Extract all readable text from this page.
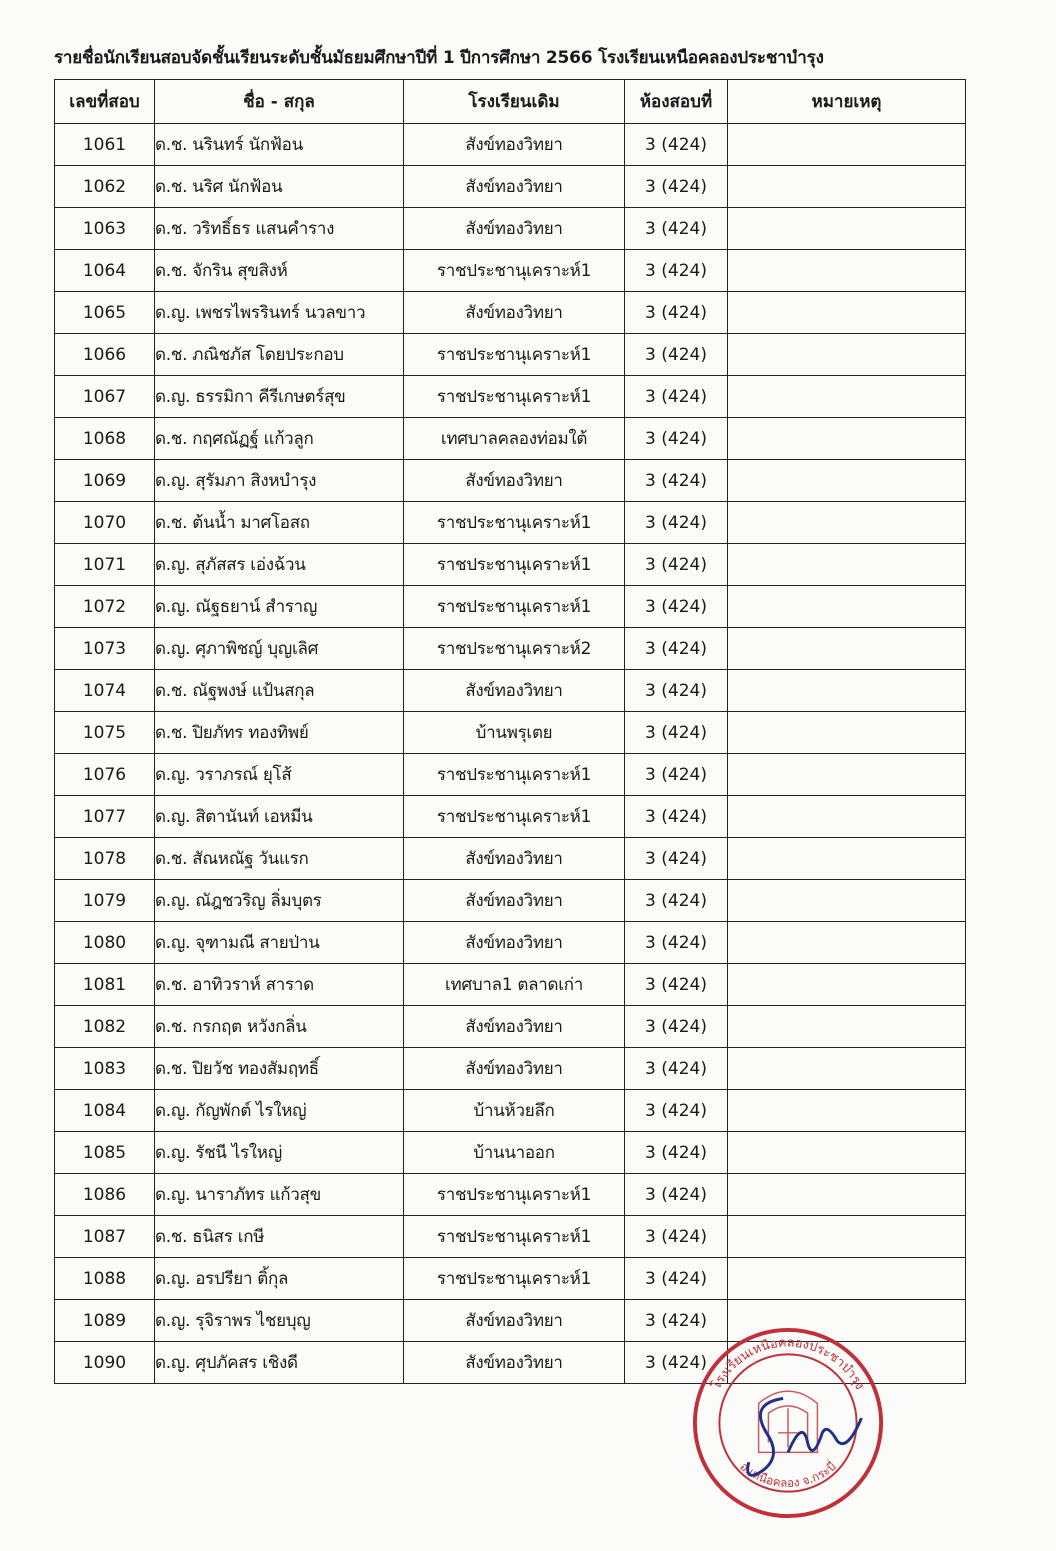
รายชื่อนักเรียนสอบจัดชั้นเรียนระดับชั้นมัธยมศึกษาปีที่ 1 ปีการศึกษา 2566 โรงเรียนเหนือคลองประชาบำรุง
เลขที่สอบ	ชื่อ - สกุล	โรงเรียนเดิม	ห้องสอบที่	หมายเหตุ
1061	ด.ช. นรินทร์ นักฟ้อน	สังข์ทองวิทยา	3 (424)	
1062	ด.ช. นริศ นักฟ้อน	สังข์ทองวิทยา	3 (424)	
1063	ด.ช. วริทธิ์ธร แสนคำราง	สังข์ทองวิทยา	3 (424)	
1064	ด.ช. จักริน สุขสิงห์	ราชประชานุเคราะห์1	3 (424)	
1065	ด.ญ. เพชรไพรรินทร์ นวลขาว	สังข์ทองวิทยา	3 (424)	
1066	ด.ช. ภณิชภัส โดยประกอบ	ราชประชานุเคราะห์1	3 (424)	
1067	ด.ญ. ธรรมิกา คีรีเกษตร์สุข	ราชประชานุเคราะห์1	3 (424)	
1068	ด.ช. กฤศณัฏฐ์ แก้วลูก	เทศบาลคลองท่อมใต้	3 (424)	
1069	ด.ญ. สุรัมภา สิงหบำรุง	สังข์ทองวิทยา	3 (424)	
1070	ด.ช. ต้นน้ำ มาศโอสถ	ราชประชานุเคราะห์1	3 (424)	
1071	ด.ญ. สุภัสสร เอ่งฉ้วน	ราชประชานุเคราะห์1	3 (424)	
1072	ด.ญ. ณัฐธยาน์ สำราญ	ราชประชานุเคราะห์1	3 (424)	
1073	ด.ญ. ศุภาพิชญ์ บุญเลิศ	ราชประชานุเคราะห์2	3 (424)	
1074	ด.ช. ณัฐพงษ์ แป้นสกุล	สังข์ทองวิทยา	3 (424)	
1075	ด.ช. ปิยภัทร ทองทิพย์	บ้านพรุเตย	3 (424)	
1076	ด.ญ. วราภรณ์ ยุโส้	ราชประชานุเคราะห์1	3 (424)	
1077	ด.ญ. สิตานันท์ เอหมีน	ราชประชานุเคราะห์1	3 (424)	
1078	ด.ช. สัณหณัฐ วันแรก	สังข์ทองวิทยา	3 (424)	
1079	ด.ญ. ณัฎชวริญ ลิ่มบุตร	สังข์ทองวิทยา	3 (424)	
1080	ด.ญ. จุฑามณี สายป่าน	สังข์ทองวิทยา	3 (424)	
1081	ด.ช. อาทิวราห์ สาราด	เทศบาล1 ตลาดเก่า	3 (424)	
1082	ด.ช. กรกฤต หวังกลิ่น	สังข์ทองวิทยา	3 (424)	
1083	ด.ช. ปิยวัช ทองสัมฤทธิ์	สังข์ทองวิทยา	3 (424)	
1084	ด.ญ. กัญพักต์ ไรใหญ่	บ้านห้วยลึก	3 (424)	
1085	ด.ญ. รัชนี ไรใหญ่	บ้านนาออก	3 (424)	
1086	ด.ญ. นาราภัทร แก้วสุข	ราชประชานุเคราะห์1	3 (424)	
1087	ด.ช. ธนิสร เกษี	ราชประชานุเคราะห์1	3 (424)	
1088	ด.ญ. อรปรียา ติ้กุล	ราชประชานุเคราะห์1	3 (424)	
1089	ด.ญ. รุจิราพร ไชยบุญ	สังข์ทองวิทยา	3 (424)	
1090	ด.ญ. ศุปภัคสร เชิงดี	สังข์ทองวิทยา	3 (424)	
โรงเรียนเหนือคลองประชาบำรุง
อ.เหนือคลอง จ.กระบี่
